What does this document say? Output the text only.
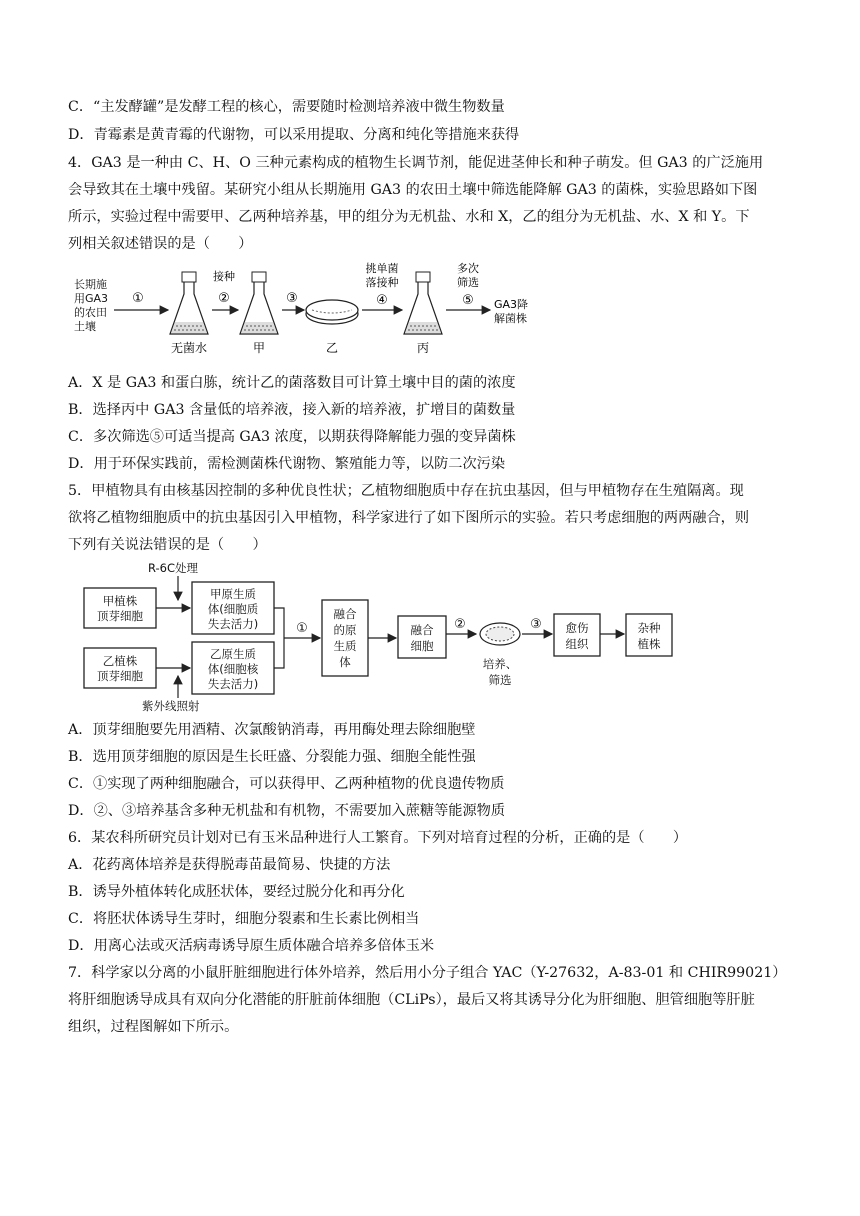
C．“主发酵罐”是发酵工程的核心，需要随时检测培养液中微生物数量
D．青霉素是黄青霉的代谢物，可以采用提取、分离和纯化等措施来获得
4．GA3 是一种由 C、H、O 三种元素构成的植物生长调节剂，能促进茎伸长和种子萌发。但 GA3 的广泛施用
会导致其在土壤中残留。某研究小组从长期施用 GA3 的农田土壤中筛选能降解 GA3 的菌株，实验思路如下图
所示，实验过程中需要甲、乙两种培养基，甲的组分为无机盐、水和 X，乙的组分为无机盐、水、X 和 Y。下
列相关叙述错误的是（　　）
长期施
用GA3
的农田
土壤
①
无菌水
接种
②
甲
③
乙
挑单菌
落接种
④
丙
多次
筛选
⑤ GA3降
解菌株
A．X 是 GA3 和蛋白胨，统计乙的菌落数目可计算土壤中目的菌的浓度
B．选择丙中 GA3 含量低的培养液，接入新的培养液，扩增目的菌数量
C．多次筛选⑤可适当提高 GA3 浓度，以期获得降解能力强的变异菌株
D．用于环保实践前，需检测菌株代谢物、繁殖能力等，以防二次污染
5．甲植物具有由核基因控制的多种优良性状；乙植物细胞质中存在抗虫基因，但与甲植物存在生殖隔离。现
欲将乙植物细胞质中的抗虫基因引入甲植物，科学家进行了如下图所示的实验。若只考虑细胞的两两融合，则
下列有关说法错误的是（　　）
R-6C处理
甲植株
顶芽细胞
甲原生质
体(细胞质
失去活力)
乙植株
顶芽细胞
乙原生质
体(细胞核
失去活力)
紫外线照射
①
融合
的原
生质
体
融合
细胞
②
培养、
筛选
③ 愈伤
组织
杂种
植株
A．顶芽细胞要先用酒精、次氯酸钠消毒，再用酶处理去除细胞壁
B．选用顶芽细胞的原因是生长旺盛、分裂能力强、细胞全能性强
C．①实现了两种细胞融合，可以获得甲、乙两种植物的优良遗传物质
D．②、③培养基含多种无机盐和有机物，不需要加入蔗糖等能源物质
6．某农科所研究员计划对已有玉米品种进行人工繁育。下列对培育过程的分析，正确的是（　　）
A．花药离体培养是获得脱毒苗最简易、快捷的方法
B．诱导外植体转化成胚状体，要经过脱分化和再分化
C．将胚状体诱导生芽时，细胞分裂素和生长素比例相当
D．用离心法或灭活病毒诱导原生质体融合培养多倍体玉米
7．科学家以分离的小鼠肝脏细胞进行体外培养，然后用小分子组合 YAC（Y-27632，A-83-01 和 CHIR99021）
将肝细胞诱导成具有双向分化潜能的肝脏前体细胞（CLiPs），最后又将其诱导分化为肝细胞、胆管细胞等肝脏
组织，过程图解如下所示。
